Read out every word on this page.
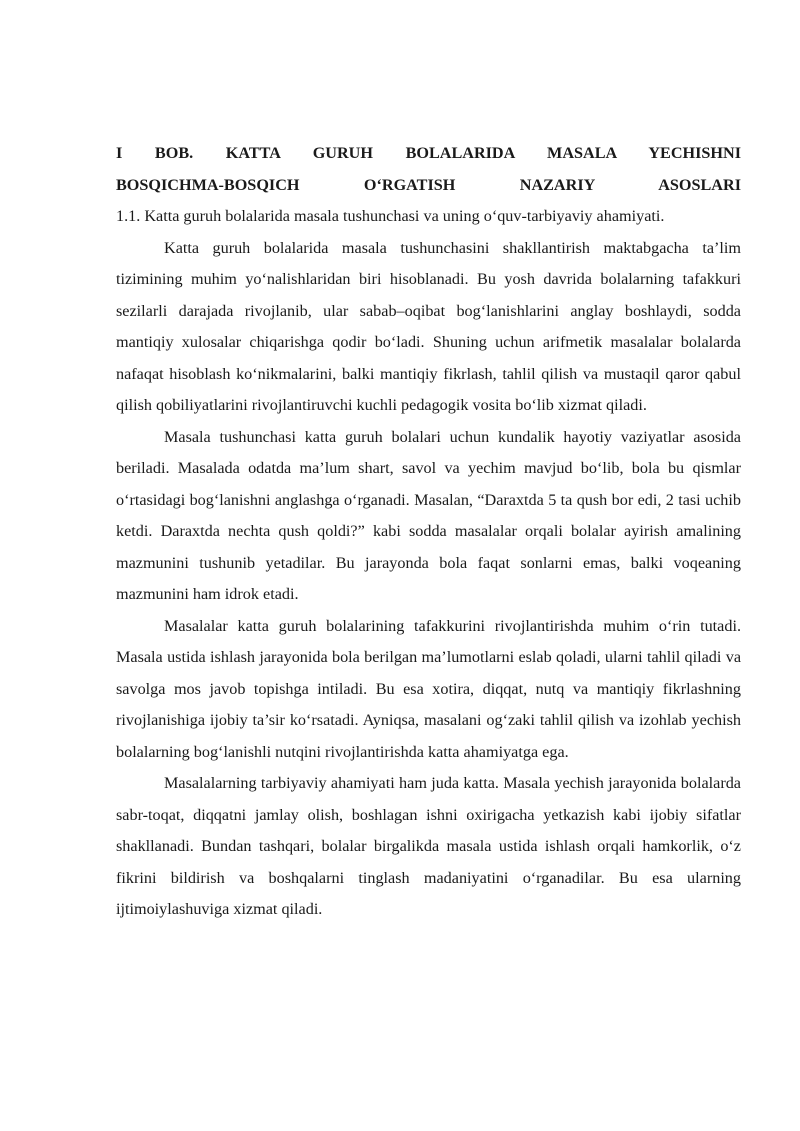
I BOB. KATTA GURUH BOLALARIDA MASALA YECHISHNI

BOSQICHMA-BOSQICH O‘RGATISH NAZARIY ASOSLARI

1.1. Katta guruh bolalarida masala tushunchasi va uning o‘quv-tarbiyaviy ahamiyati.

Katta guruh bolalarida masala tushunchasini shakllantirish maktabgacha ta’lim tizimining muhim yo‘nalishlaridan biri hisoblanadi. Bu yosh davrida bolalarning tafakkuri sezilarli darajada rivojlanib, ular sabab–oqibat bog‘lanishlarini anglay boshlaydi, sodda mantiqiy xulosalar chiqarishga qodir bo‘ladi. Shuning uchun arifmetik masalalar bolalarda nafaqat hisoblash ko‘nikmalarini, balki mantiqiy fikrlash, tahlil qilish va mustaqil qaror qabul qilish qobiliyatlarini rivojlantiruvchi kuchli pedagogik vosita bo‘lib xizmat qiladi.

Masala tushunchasi katta guruh bolalari uchun kundalik hayotiy vaziyatlar asosida beriladi. Masalada odatda ma’lum shart, savol va yechim mavjud bo‘lib, bola bu qismlar o‘rtasidagi bog‘lanishni anglashga o‘rganadi. Masalan, “Daraxtda 5 ta qush bor edi, 2 tasi uchib ketdi. Daraxtda nechta qush qoldi?” kabi sodda masalalar orqali bolalar ayirish amalining mazmunini tushunib yetadilar. Bu jarayonda bola faqat sonlarni emas, balki voqeaning mazmunini ham idrok etadi.

Masalalar katta guruh bolalarining tafakkurini rivojlantirishda muhim o‘rin tutadi. Masala ustida ishlash jarayonida bola berilgan ma’lumotlarni eslab qoladi, ularni tahlil qiladi va savolga mos javob topishga intiladi. Bu esa xotira, diqqat, nutq va mantiqiy fikrlashning rivojlanishiga ijobiy ta’sir ko‘rsatadi. Ayniqsa, masalani og‘zaki tahlil qilish va izohlab yechish bolalarning bog‘lanishli nutqini rivojlantirishda katta ahamiyatga ega.

Masalalarning tarbiyaviy ahamiyati ham juda katta. Masala yechish jarayonida bolalarda sabr-toqat, diqqatni jamlay olish, boshlagan ishni oxirigacha yetkazish kabi ijobiy sifatlar shakllanadi. Bundan tashqari, bolalar birgalikda masala ustida ishlash orqali hamkorlik, o‘z fikrini bildirish va boshqalarni tinglash madaniyatini o‘rganadilar. Bu esa ularning ijtimoiylashuviga xizmat qiladi.
